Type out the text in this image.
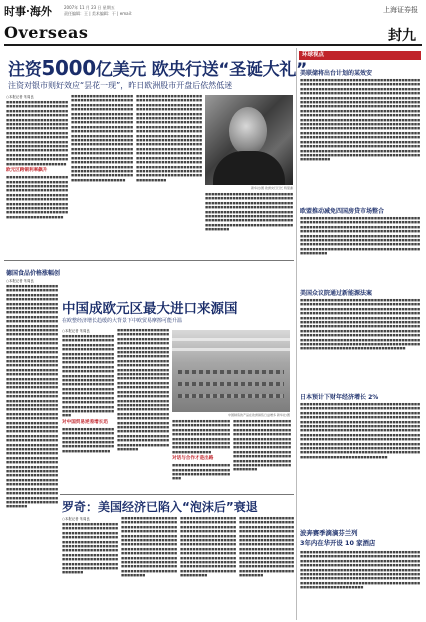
时事·海外
Overseas
2007年 11 月 23 日 星期五
责任编辑：王 | 美术编辑：干 | email：	上海证券报
封九
注资5000亿美元 欧央行送“圣诞大礼”
注资对银市则好效应“昙花一现”，昨日欧洲股市开盘后依然低迷

○本报记者 朱周良

■■■■■■■■■■■■■■■■■■■■■■■■■■■■■■■■■■■■■■■■■■■■■■■■■■■■■■■■■■■■■■■■■■■■■■■■■■■■■■■■■■■■■■■■■■■■■■■■■■■■■■■■■■■■■■■■■■■■■■■■■■■■■■■■■■■■■■■■■■■■■■■■■■■■■■■■■■■■■■■■■■■■■■■■■■■■■■■■■■■■■■■■■■■■■■■■■■■■■■■■■■■■■■■■■■■■■■■■■■■■■■■■■■■■■■■■■■■■■■■■■■■■■■■■■■■■■■■■■■■■■■■■■■■■■■■■■■■■■■■■■■■■■■■■■■■■■■■■■■■■

欧元区跨铜利率飙升

■■■■■■■■■■■■■■■■■■■■■■■■■■■■■■■■■■■■■■■■■■■■■■■■■■■■■■■■■■■■■■■■■■■■■■■■■■■■■■■■■■■■■■■■■■■■■■■■■■■■■■■■■■■■■■■■■■■■■■■■■■■■■■■■■■■■■■■■■■■■■■■■■■■■■■■■■■■■■■■■■■■■■■■■■■■■■■■■■■■■■■■■■■■■■■■■■■■■■■■

■■■■■■■■■■■■■■■■■■■■■■■■■■■■■■■■■■■■■■■■■■■■■■■■■■■■■■■■■■■■■■■■■■■■■■■■■■■■■■■■■■■■■■■■■■■■■■■■■■■■■■■■■■■■■■■■■■■■■■■■■■■■■■■■■■■■■■■■■■■■■■■■■■■■■■■■■■■■■■■■■■■■■■■■■■■■■■■■■■■■■■■■■■■■■■■■■■■■■■■■■■■■■■■■■■■■■■■■■■■■■■■■■■■■■■■■■■■■■■■■■■■■■■■■■■■■■■■■■■■■■■■■■■■■■■■■■■■■■■■■■■■■■■■■■■■■■■■■■■■■■■■■■■■■■■■■■■■■■■■■■■■■■■■■■■■■■■■■■■■■■■■■■■■■■■■■■■■■■■■■■■■■■■■■■■■■■■■■■■■■■■■■■■■■■■■■■■■■■■

■■■■■■■■■■■■■■■■■■■■■■■■■■■■■■■■■■■■■■■■■■■■■■■■■■■■■■■■■■■■■■■■■■■■■■■■■■■■■■■■■■■■■■■■■■■■■■■■■■■■■■■■■■■■■■■■■■■■■■■■■■■■■■■■■■■■■■■■■■■■■■■■■■■■■■■■■■■■■■■■■■■■■■■■■■■■■■■■■■■■■■■■■■■■■■■■■■■■■■■■■■■■■■■■■■■■■■■■■■■■■■■■■■■■■■■■■■■■■■■■■■■■■■■■■■■■■■■■■■■■■■■■■■■■■■■■■■■■■■■■■■■■■■■■■■■■■■■■■■■■■■■■■■■■■■■■■■■■■■■■■■■■■■■■■■■■■■■■■■■■■■■■■■■■■■■■■■■■■■■■■■■■■■■■■■■■■■■■■■■■■■■■■■■■■■■■■■■■■■■■■■■■■■■■■

新华社/图 欧洲央行行长 特里谢

■■■■■■■■■■■■■■■■■■■■■■■■■■■■■■■■■■■■■■■■■■■■■■■■■■■■■■■■■■■■■■■■■■■■■■■■■■■■■■■■■■■■■■■■■■■■■■■■■■■■■■■■■■■■■■■■■■■■■■■■■■■■■■■■■■■■■■■■■■■■■■■■■■■■■■■■■■■■■■■■■■■■■■■■■■■■■■■■■■■■■■■■■■■■■■■■■■■■■■■■■■■■■■■■■■■■■■■■■■■■■■■■■■■■■■■■■■■■■■■■

德国食品价格涨幅创

○本报记者 朱周良

■■■■■■■■■■■■■■■■■■■■■■■■■■■■■■■■■■■■■■■■■■■■■■■■■■■■■■■■■■■■■■■■■■■■■■■■■■■■■■■■■■■■■■■■■■■■■■■■■■■■■■■■■■■■■■■■■■■■■■■■■■■■■■■■■■■■■■■■■■■■■■■■■■■■■■■■■■■■■■■■■■■■■■■■■■■■■■■■■■■■■■■■■■■■■■■■■■■■■■■■■■■■■■■■■■■■■■■■■■■■■■■■■■■■■■■■■■■■■■■■■■■■■■■■■■■■■■■■■■■■■■■■■■■■■■■■■■■■■■■■■■■■■■■■■■■■■■■■■■■■■■■■■■■■■■■■■■■■■■■■■■■■■■■■■■■■■■■■■■■■■■■■■■■■■■■■■■■■■■■■■■■■■■■■■■■■■■■■■■■■■■■■■■■■■■■■■■■■■■■■■■■■■■■■■■■■■■■■■■■■■■■■■■■■■■■■■■■■■■■■■■■■■■■■■■■■■■■■■■■■■■■■■■■■■■■■■■■■■■■■■■■■■■■■■■■■■■■■■■■■■■■■■■■■■■■■■■■■■■■■■■■■■■■■■■■■■■■■■■■■■■■■■■■■■■■■■■■■■■■■■■■■■■■■■■■■■■■■■■■■■■■■■■■■■■■■■■■■■■■■■■■■■■■■■■■■■■■■■■■■■■■■■■■■■■■■■■■■■■■■■■■■■■■■■■■■■■■■■■■■■■■■■■■■■■■■■■■■■■■■■■■■■■■■■■■■■■■■■■■■■■■■■■■■■■■■■■■■■■■■■■■■■■■■■■■■■■■■■■■■■■■■■■■■■■■■■■■■■■■■■■■■■■■■■■■■■■■■■■■■■■■■■■■■■■■■■■■■■■■■■■■■■■■■■■■■■■■■■■■■■■■■■■■■■■■■■■■■■■■■■■■■■■■■■■■■■■■■■

中国成欧元区最大进口来源国
在欧整经济增长趋缓的大背景下中欧贸易摩擦可能升温

○本报记者 朱周良

■■■■■■■■■■■■■■■■■■■■■■■■■■■■■■■■■■■■■■■■■■■■■■■■■■■■■■■■■■■■■■■■■■■■■■■■■■■■■■■■■■■■■■■■■■■■■■■■■■■■■■■■■■■■■■■■■■■■■■■■■■■■■■■■■■■■■■■■■■■■■■■■■■■■■■■■■■■■■■■■■■■■■■■■■■■■■■■■■■■■■■■■■■■■■■■■■■■■■■■■■■■■■■■■■■■■■■■■■■■■■■■■■■■■■■■■■■■■■■■■■■■■■■■■■■■■■■■■■■■■■■■■■■■■■■■■■■■■■■■■■■■■■■■■■■■■■■■■■■■■■■■■■■■■■

对中国贸易逆差增长迅

■■■■■■■■■■■■■■■■■■■■■■■■■■■■■■■■■■■■■■■■■■■■■■■■■■■■■■■■■■■■■■■■■■■■■■■■■■■■■■■■■■■■■■■■■■■■■■■■■■■■■

■■■■■■■■■■■■■■■■■■■■■■■■■■■■■■■■■■■■■■■■■■■■■■■■■■■■■■■■■■■■■■■■■■■■■■■■■■■■■■■■■■■■■■■■■■■■■■■■■■■■■■■■■■■■■■■■■■■■■■■■■■■■■■■■■■■■■■■■■■■■■■■■■■■■■■■■■■■■■■■■■■■■■■■■■■■■■■■■■■■■■■■■■■■■■■■■■■■■■■■■■■■■■■■■■■■■■■■■■■■■■■■■■■■■■■■■■■■■■■■■■■■■■■■■■■■■■■■■■■■■■■■■■■■■■■■■■■■■■■■■■■■■■■■■■■■■■■■■■■■■■■■■■■■■■■■■■■■■■■■■■■■■■■■■■■■■■■■■■■■■■■■■■■■■■■■■■■■■■■■■■■■■■■■■■■■■■■■■■■■■■■■■■■■■■■■■■■■■■■■■■■■■■■■■■■■■■■■■■■■■■■■■■■■■■■■■■■■■■■■■■■■■■■■■■■■■■■■■■■■■■■■■■■

中国制造的产品在欧洲销售日益增多 新华社/图

■■■■■■■■■■■■■■■■■■■■■■■■■■■■■■■■■■■■■■■■■■■■■■■■■■■■■■■■■■■■■■■■■■■■■■■■■■■■■■■■■■■■■■■■■■■■■■■■■■■■■■■■■■■■■■■■■■■■■■■■■■■■■■■■■■■■■■■■■■■■■■■■■■

对话与合作才是出路

■■■■■■■■■■■■■■■■■■■■■■■■■■■■■■■■■■■■■■■■■■■■■■■■■■■■■■■■■■■■

■■■■■■■■■■■■■■■■■■■■■■■■■■■■■■■■■■■■■■■■■■■■■■■■■■■■■■■■■■■■■■■■■■■■■■■■■■■■■■■■■■■■■■■■■■■■■■■■■■■■■■■■■■■■■■■■■■■■■■■■■■■■■■■■■■■■■■■■■■■■■■■■■■■■■■■■■■■■■■■■■■■■■■■■■■■■■■■■■■■■■■■■■■■■■■■■■■■■■■■■■■■■■■■■■■■■■■■■■

罗奇：美国经济已陷入“泡沫后”衰退

○本报记者 朱周良

■■■■■■■■■■■■■■■■■■■■■■■■■■■■■■■■■■■■■■■■■■■■■■■■■■■■■■■■■■■■■■■■■■■■■■■■■■■■■■■■■■■■■■■■■■■■■■■■■■■■■■■■■■■■■■■■■■■■■■■■■■■■■■■■■■■■■■■■■■■■■■■■■■■■■■■■■■■■■■■■■■■■■■■■■■■■■■■■■■■■■■■■■■■■■■■■■■■■■■■■■■■■■

■■■■■■■■■■■■■■■■■■■■■■■■■■■■■■■■■■■■■■■■■■■■■■■■■■■■■■■■■■■■■■■■■■■■■■■■■■■■■■■■■■■■■■■■■■■■■■■■■■■■■■■■■■■■■■■■■■■■■■■■■■■■■■■■■■■■■■■■■■■■■■■■■■■■■■■■■■■■■■■■■■■■■■■■■■■■■■■■■■■■■■■■■■■■■■■■■■■■■■■■■■■■■■■■■■■■■■■■■■■■■■■■■■■■■■■■■■■■■■■■■■

■■■■■■■■■■■■■■■■■■■■■■■■■■■■■■■■■■■■■■■■■■■■■■■■■■■■■■■■■■■■■■■■■■■■■■■■■■■■■■■■■■■■■■■■■■■■■■■■■■■■■■■■■■■■■■■■■■■■■■■■■■■■■■■■■■■■■■■■■■■■■■■■■■■■■■■■■■■■■■■■■■■■■■■■■■■■■■■■■■■■■■■■■■■■■■■■■■■■■■■■■■■■■■■■■■■■■■■■■■■■■■■■■■■■■■■■■■■■■■■■■■■

■■■■■■■■■■■■■■■■■■■■■■■■■■■■■■■■■■■■■■■■■■■■■■■■■■■■■■■■■■■■■■■■■■■■■■■■■■■■■■■■■■■■■■■■■■■■■■■■■■■■■■■■■■■■■■■■■■■■■■■■■■■■■■■■■■■■■■■■■■■■■■■■■■■■■■■■■■■■■■■■■■■■■■■■■■■■■■■■■■■■■■■■■■■■■■■■■■■■■■■■■■■■■■■■■■■■■■■■■■■■■■■■■■■■■■■■■■■■■■■■■■

环球视点
美联储将出台计划的某效安

■■■■■■■■■■■■■■■■■■■■■■■■■■■■■■■■■■■■■■■■■■■■■■■■■■■■■■■■■■■■■■■■■■■■■■■■■■■■■■■■■■■■■■■■■■■■■■■■■■■■■■■■■■■■■■■■■■■■■■■■■■■■■■■■■■■■■■■■■■■■■■■■■■■■■■■■■■■■■■■■■■■■■■■■■■■■■■■■■■■■■■■■■■■■■■■■■■■■■■■■■■■■■■■■■■■■■■■■■■■■■■■■■■■■■■■■■■■■■■■■■■■■■■■■■■■■■■■■■■■■■■■■■■■■■■■■■■■■■■■■■■■■■■■■■■■■■■■■■■■■■■■■■■■■■■■■■■■■■■■■■■■■■■■■■■■■■■■■■■■■■■■■■■■■■■■■■■■■■■■■■■■■■■■■■■■■■■■■■■■■■■■■■■■■■■■■■■■■■■■■■■■■■■■■■■■■■■■■■■■■■■■■■■■■■■■■■■■■■■■■■■■■■■■■■■■■■■■■■■■■■■■■■■■■■■■■■■■■■■■■■■■■■■■■■■■■■■■■■■■■■■■■■■■■■■■■■■■■■■■■■■■■■■■■■■■■■■■■■■■■■■■■■■■■■■■■■■■■■■■■■■■■■■■■■■■■■■■■■■■■■■■■■■■■■■■■■■■■■■■■■■■■■■■■■■■■■■■■■■■■■■■■■■■■■■■■■■■■■■■■■■■■■■■■■■■■■■■■■■■■■■■■■■■■■■■■■■■■■■■■■■■■■■■■■■■■■■■■■■■■■■■■■■■■■■■■

欧盟推动减免四国房贷市场整合

■■■■■■■■■■■■■■■■■■■■■■■■■■■■■■■■■■■■■■■■■■■■■■■■■■■■■■■■■■■■■■■■■■■■■■■■■■■■■■■■■■■■■■■■■■■■■■■■■■■■■■■■■■■■■■■■■■■■■■■■■■■■■■■■■■■■■■■■■■■■■■■■■■■■■■■■■■■■■■■■■■■■■■■■■■■■■■■■■■■■■■■■■■■■■■■■■■■■■■■■■■■■■■■■■■■■■■■■■■■■■■■■■■■■■■■■■■■■■■■■■■■■■■■■■■■■■■■■■■■■■■■■■■■■■■■■■■■■■■■■■■■■■■■■■■■■■■■■■■■■■■■■■■■■■■■■■■■■■■■■■

美国众议院通过新能源法案

■■■■■■■■■■■■■■■■■■■■■■■■■■■■■■■■■■■■■■■■■■■■■■■■■■■■■■■■■■■■■■■■■■■■■■■■■■■■■■■■■■■■■■■■■■■■■■■■■■■■■■■■■■■■■■■■■■■■■■■■■■■■■■■■■■■■■■■■■■■■■■■■■■■■■■■■■■■■■■■■■■■■■■■■■■■■■■■■■■■■■■■■■■■■■■■■■■■■■■■■■■■■■■■■■■■■■■■■■■■■■■■■■■■■■■■■■■■■■■■■■■■■■■■■■■■■■■■■■■■■■■■■■■■■■■■■■■■■■■■■■■■■■■■■■■■■■■■■■■■■■■■■■■■■■■■■■■■■■■■■■■■■■■■■■■■■■■■■■■■■■■■■■■■■■■■■■■■■■■■■■■■■■■■■■■■■■■■■■■■■■■■■■■■■■■■■■■■■■■■■■■■■■■■■■■■■■■■■■■■■■■■■■■■■■■■■■■■■■■■■■■■■■■■■■■■■■■■■■■■■■■■■

日本预计下财年经济增长 2%

■■■■■■■■■■■■■■■■■■■■■■■■■■■■■■■■■■■■■■■■■■■■■■■■■■■■■■■■■■■■■■■■■■■■■■■■■■■■■■■■■■■■■■■■■■■■■■■■■■■■■■■■■■■■■■■■■■■■■■■■■■■■■■■■■■■■■■■■■■■■■■■■■■■■■■■■■■■■■■■■■■■■■■■■■■■■■■■■■■■■■■■■■■■■■■■■■■■■■■■■■■■■■■■■■■■■■■■■■■■■■■■■■■■■■■■■■■■■■■■■■■■■■■■■■■■■■■■■■■■■■■■■■■■■■■■■■■■■■■■■■■■■■■■■■■■■■■■■■■■■■■■■■■■■■■■■■■■■■■■■■■■■■■■■■■■■■■■■■■■■■■■■■■■■■■■■■■■■■■■■■■■■■■■■■■■■■■■■■■■■■■■■■■■■■■■■■■■■■■■■■■■■■■■■■■■■■■■■■■■■■■■■■■■■■■■■■■■■■■■■■■■■■■■■■■■■■■■■■■■■■■■■■■■■■■■■■■■■■■■■■■■■■■■■■■■■■■■■■

波奔赛季滴滴芬兰列
3年内在华开设 10 家酒店

■■■■■■■■■■■■■■■■■■■■■■■■■■■■■■■■■■■■■■■■■■■■■■■■■■■■■■■■■■■■■■■■■■■■■■■■■■■■■■■■■■■■■■■■■■■■■■■■■■■■■■■■■■■■■■■■■■■■■■■■■■■■■■■■■■■■■■■■■■■■■■■■■■■■■■■■■■■■■■■■■■■■■■■■■■■■■■■■■■■■■■■■■■■■■■■■■■■■■■■■■■■■■■■■■■■■■■■■■■■■■■■■■■■■■■■■■■■■■■■■■■■■■■■■■■■■■■■■■■■■■■■■■■■■■■■■■■■■■■■■■■■■■■■■■■■■■■■■■■■■■■■■■■■■■■■■■■■■■■■■■■■■■■■■■■■■■
